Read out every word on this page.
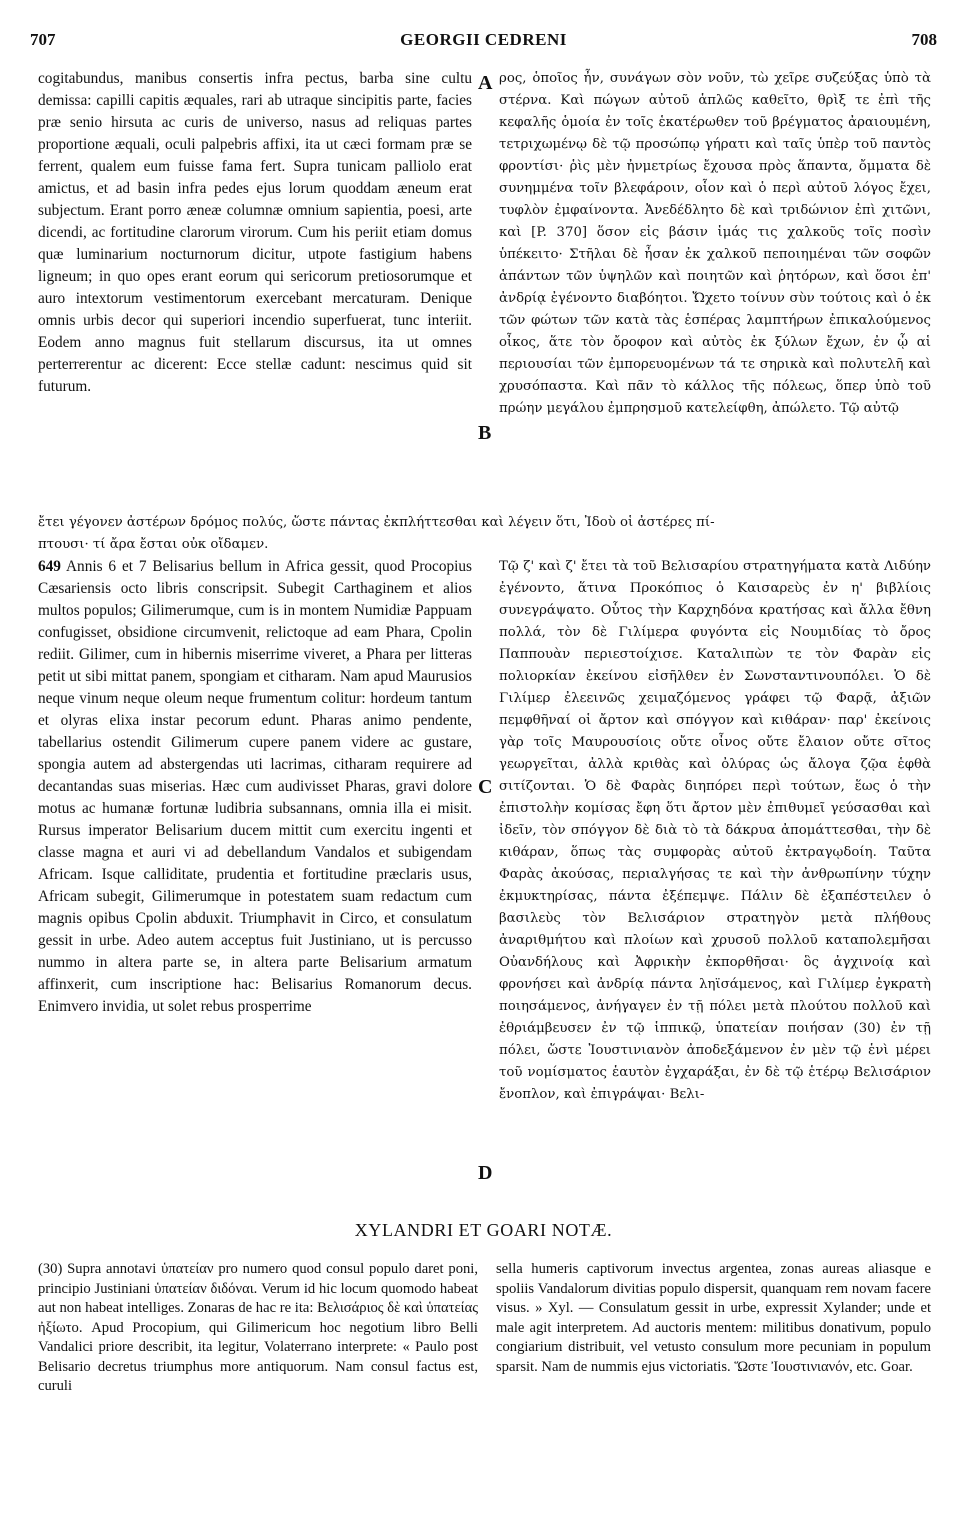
707	GEORGII CEDRENI	708
cogitabundus, manibus consertis infra pectus, barba sine cultu demissa: capilli capitis æquales, rari ab utraque sincipitis parte, facies præ senio hirsuta ac curis de universo, nasus ad reliquas partes proportione æquali, oculi palpebris affixi, ita ut cæci formam præ se ferrent, qualem eum fuisse fama fert. Supra tunicam palliolo erat amictus, et ad basin infra pedes ejus lorum quoddam æneum erat subjectum. Erant porro æneæ columnæ omnium sapientia, poesi, arte dicendi, ac fortitudine clarorum virorum. Cum his periit etiam domus quæ luminarium nocturnorum dicitur, utpote fastigium habens ligneum; in quo opes erant eorum qui sericorum pretiosorumque et auro intextorum vestimentorum exercebant mercaturam. Denique omnis urbis decor qui superiori incendio superfuerat, tunc interiit. Eodem anno magnus fuit stellarum discursus, ita ut omnes perterrerentur ac dicerent: Ecce stellæ cadunt: nescimus quid sit futurum.
ρος, ὁποῖος ἦν, συνάγων σὸν νοῦν, τὼ χεῖρε συζεύξας ὑπὸ τὰ στέρνα. Καὶ πώγων αὐτοῦ ἁπλῶς καθεῖτο, θρὶξ τε ἐπὶ τῆς κεφαλῆς ὁμοία ἐν τοῖς ἑκατέρωθεν τοῦ βρέγματος ἀραιουμένη, τετριχωμένῳ δὲ τῷ προσώπῳ γήρατι καὶ ταῖς ὑπὲρ τοῦ παντὸς φροντίσι· ῥὶς μὲν ἠνμετρίως ἔχουσα πρὸς ἅπαντα, ὄμματα δὲ συνημμένα τοῖν βλεφάροιν, οἷον καὶ ὁ περὶ αὐτοῦ λόγος ἔχει, τυφλὸν ἐμφαίνοντα. Ἀνεδέδλητο δὲ καὶ τριδώνιον ἐπὶ χιτῶνι, καὶ [P. 370] ὅσον εἰς βάσιν ἱμάς τις χαλκοῦς τοῖς ποσὶν ὑπέκειτο· Στῆλαι δὲ ἦσαν ἐκ χαλκοῦ πεποιημέναι τῶν σοφῶν ἁπάντων τῶν ὑψηλῶν καὶ ποιητῶν καὶ ῥητόρων, καὶ ὅσοι ἐπ' ἀνδρίᾳ ἐγένοντο διαβόητοι. Ὤχετο τοίνυν σὺν τούτοις καὶ ὁ ἐκ τῶν φώτων τῶν κατὰ τὰς ἑσπέρας λαμπτήρων ἐπικαλούμενος οἶκος, ἅτε τὸν ὄροφον καὶ αὐτὸς ἐκ ξύλων ἔχων, ἐν ᾧ αἱ περιουσίαι τῶν ἐμπορευομένων τά τε σηρικὰ καὶ πολυτελῆ καὶ χρυσόπαστα. Καὶ πᾶν τὸ κάλλος τῆς πόλεως, ὅπερ ὑπὸ τοῦ πρώην μεγάλου ἐμπρησμοῦ κατελείφθη, ἀπώλετο. Τῷ αὐτῷ
ἔτει γέγονεν ἀστέρων δρόμος πολύς, ὥστε πάντας ἐκπλήττεσθαι καὶ λέγειν ὅτι, Ἰδοὺ οἱ ἀστέρες πί-
πτουσι· τί ἄρα ἔσται οὐκ οἴδαμεν.
649 Annis 6 et 7 Belisarius bellum in Africa gessit, quod Procopius Cæsariensis octo libris conscripsit. Subegit Carthaginem et alios multos populos; Gilimerumque, cum is in montem Numidiæ Pappuam confugisset, obsidione circumvenit, relictoque ad eam Phara, Cpolin rediit. Gilimer, cum in hibernis miserrime viveret, a Phara per litteras petit ut sibi mittat panem, spongiam et citharam. Nam apud Maurusios neque vinum neque oleum neque frumentum colitur: hordeum tantum et olyras elixa instar pecorum edunt. Pharas animo pendente, tabellarius ostendit Gilimerum cupere panem videre ac gustare, spongia autem ad abstergendas uti lacrimas, citharam requirere ad decantandas suas miserias. Hæc cum audivisset Pharas, gravi dolore motus ac humanæ fortunæ ludibria subsannans, omnia illa ei misit. Rursus imperator Belisarium ducem mittit cum exercitu ingenti et classe magna et auri vi ad debellandum Vandalos et subigendam Africam. Isque calliditate, prudentia et fortitudine præclaris usus, Africam subegit, Gilimerumque in potestatem suam redactum cum magnis opibus Cpolin abduxit. Triumphavit in Circo, et consulatum gessit in urbe. Adeo autem acceptus fuit Justiniano, ut is percusso nummo in altera parte se, in altera parte Belisarium armatum affinxerit, cum inscriptione hac: Belisarius Romanorum decus. Enimvero invidia, ut solet rebus prosperrime
Τῷ ζ' καὶ ζ' ἔτει τὰ τοῦ Βελισαρίου στρατηγήματα κατὰ Λιδύην ἐγένοντο, ἅτινα Προκόπιος ὁ Καισαρεὺς ἐν η' βιβλίοις συνεγράψατο. Οὗτος τὴν Καρχηδόνα κρατήσας καὶ ἄλλα ἔθνη πολλά, τὸν δὲ Γιλίμερα φυγόντα εἰς Νουμιδίας τὸ ὄρος Παππουὰν περιεστοίχισε. Καταλιπὼν τε τὸν Φαρὰν εἰς πολιορκίαν ἐκείνου εἰσῆλθεν ἐν Σωνσταντινουπόλει. Ὁ δὲ Γιλίμερ ἐλεεινῶς χειμαζόμενος γράφει τῷ Φαρᾷ, ἀξιῶν πεμφθῆναί οἱ ἄρτον καὶ σπόγγον καὶ κιθάραν· παρ' ἐκείνοις γὰρ τοῖς Μαυρουσίοις οὔτε οἶνος οὔτε ἔλαιον οὔτε σῖτος γεωργεῖται, ἀλλὰ κριθὰς καὶ ὀλύρας ὡς ἄλογα ζῷα ἑφθὰ σιτίζονται. Ὁ δὲ Φαρὰς διηπόρει περὶ τούτων, ἕως ὁ τὴν ἐπιστολὴν κομίσας ἔφη ὅτι ἄρτον μὲν ἐπιθυμεῖ γεύσασθαι καὶ ἰδεῖν, τὸν σπόγγον δὲ διὰ τὸ τὰ δάκρυα ἀπομάττεσθαι, τὴν δὲ κιθάραν, ὅπως τὰς συμφορὰς αὐτοῦ ἐκτραγῳδοίη. Ταῦτα Φαρὰς ἀκούσας, περιαλγήσας τε καὶ τὴν ἀνθρωπίνην τύχην ἐκμυκτηρίσας, πάντα ἐξέπεμψε. Πάλιν δὲ ἐξαπέστειλεν ὁ βασιλεὺς τὸν Βελισάριον στρατηγὸν μετὰ πλήθους ἀναριθμήτου καὶ πλοίων καὶ χρυσοῦ πολλοῦ καταπολεμῆσαι Οὐανδήλους καὶ Ἀφρικὴν ἐκπορθῆσαι· ὃς ἀγχινοίᾳ καὶ φρονήσει καὶ ἀνδρίᾳ πάντα ληϊσάμενος, καὶ Γιλίμερ ἐγκρατὴ ποιησάμενος, ἀνήγαγεν ἐν τῇ πόλει μετὰ πλούτου πολλοῦ καὶ ἐθριάμβευσεν ἐν τῷ ἱππικῷ, ὑπατείαν ποιήσαν (30) ἐν τῇ πόλει, ὥστε Ἰουστινιανὸν ἀποδεξάμενον ἐν μὲν τῷ ἑνὶ μέρει τοῦ νομίσματος ἑαυτὸν ἐγχαράξαι, ἐν δὲ τῷ ἑτέρῳ Βελισάριον ἔνοπλον, καὶ ἐπιγράψαι· Βελι-
A
B
C
D
XYLANDRI ET GOARI NOTÆ.
(30) Supra annotavi ὑπατείαν pro numero quod consul populo daret poni, principio Justiniani ὑπατείαν διδόναι. Verum id hic locum quomodo habeat aut non habeat intelliges. Zonaras de hac re ita: Βελισάριος δὲ καὶ ὑπατείας ἠξίωτο. Apud Procopium, qui Gilimericum hoc negotium libro Belli Vandalici priore describit, ita legitur, Volaterrano interprete: « Paulo post Belisario decretus triumphus more antiquorum. Nam consul factus est, curuli
sella humeris captivorum invectus argentea, zonas aureas aliasque e spoliis Vandalorum divitias populo dispersit, quanquam rem novam facere visus. » Xyl. — Consulatum gessit in urbe, expressit Xylander; unde et male agit interpretem. Ad auctoris mentem: militibus donativum, populo congiarium distribuit, vel vetusto consulum more pecuniam in populum sparsit. Nam de nummis ejus victoriatis. Ὥστε Ἰουστινιανόν, etc. Goar.
